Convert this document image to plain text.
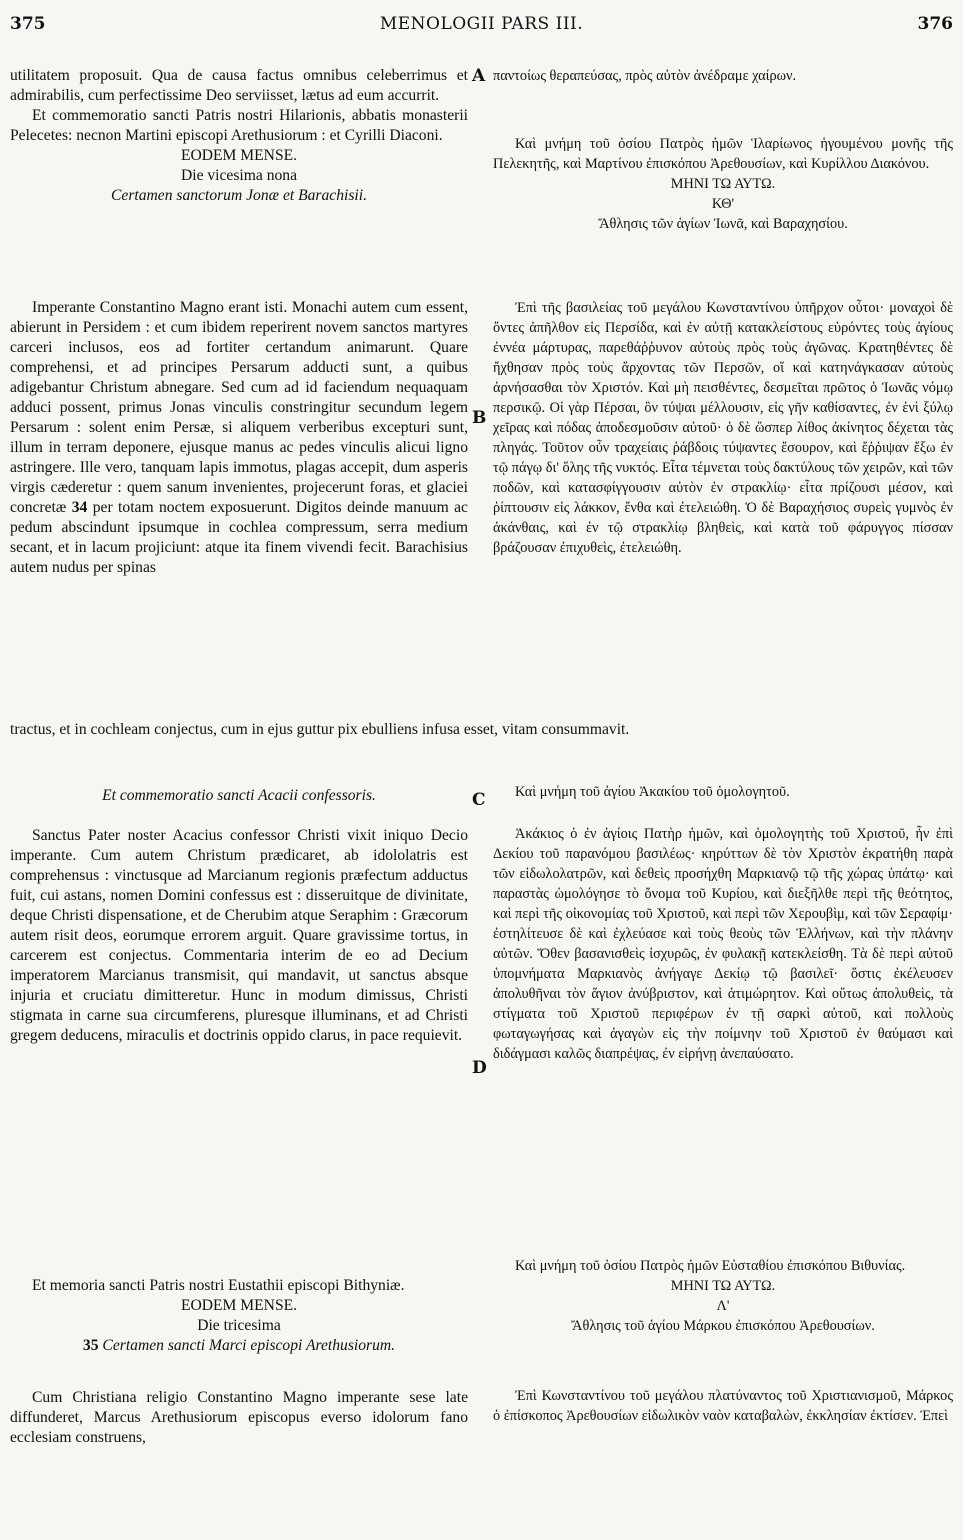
375	MENOLOGII PARS III.	376
A
B
C
D

utilitatem proposuit. Qua de causa factus omnibus celeberrimus et admirabilis, cum perfectissime Deo serviisset, lætus ad eum accurrit.

Et commemoratio sancti Patris nostri Hilarionis, abbatis monasterii Pelecetes: necnon Martini episcopi Arethusiorum : et Cyrilli Diaconi.

EODEM MENSE.

Die vicesima nona

Certamen sanctorum Jonæ et Barachisii.

Imperante Constantino Magno erant isti. Monachi autem cum essent, abierunt in Persidem : et cum ibidem reperirent novem sanctos martyres carceri inclusos, eos ad fortiter certandum animarunt. Quare comprehensi, et ad principes Persarum adducti sunt, a quibus adigebantur Christum abnegare. Sed cum ad id faciendum nequaquam adduci possent, primus Jonas vinculis constringitur secundum legem Persarum : solent enim Persæ, si aliquem verberibus excepturi sunt, illum in terram deponere, ejusque manus ac pedes vinculis alicui ligno astringere. Ille vero, tanquam lapis immotus, plagas accepit, dum asperis virgis cæderetur : quem sanum invenientes, projecerunt foras, et glaciei concretæ 34 per totam noctem exposuerunt. Digitos deinde manuum ac pedum abscindunt ipsumque in cochlea compressum, serra medium secant, et in lacum projiciunt: atque ita finem vivendi fecit. Barachisius autem nudus per spinas

Et commemoratio sancti Acacii confessoris.

Sanctus Pater noster Acacius confessor Christi vixit iniquo Decio imperante. Cum autem Christum prædicaret, ab idololatris est comprehensus : vinctusque ad Marcianum regionis præfectum adductus fuit, cui astans, nomen Domini confessus est : disseruitque de divinitate, deque Christi dispensatione, et de Cherubim atque Seraphim : Græcorum autem risit deos, eorumque errorem arguit. Quare gravissime tortus, in carcerem est conjectus. Commentaria interim de eo ad Decium imperatorem Marcianus transmisit, qui mandavit, ut sanctus absque injuria et cruciatu dimitteretur. Hunc in modum dimissus, Christi stigmata in carne sua circumferens, pluresque illuminans, et ad Christi gregem deducens, miraculis et doctrinis oppido clarus, in pace requievit.

Et memoria sancti Patris nostri Eustathii episcopi Bithyniæ.

EODEM MENSE.

Die tricesima

35 Certamen sancti Marci episcopi Arethusiorum.

Cum Christiana religio Constantino Magno imperante sese late diffunderet, Marcus Arethusiorum episcopus everso idolorum fano ecclesiam construens,

παντοίως θεραπεύσας, πρὸς αὐτὸν ἀνέδραμε χαίρων.

Καὶ μνήμη τοῦ ὁσίου Πατρὸς ἡμῶν Ἱλαρίωνος ἡγουμένου μονῆς τῆς Πελεκητῆς, καὶ Μαρτίνου ἐπισκόπου Ἀρεθουσίων, καὶ Κυρίλλου Διακόνου.

ΜΗΝΙ ΤΩ ΑΥΤΩ.

ΚΘ'

Ἄθλησις τῶν ἁγίων Ἰωνᾶ, καὶ Βαραχησίου.

Ἐπὶ τῆς βασιλείας τοῦ μεγάλου Κωνσταντίνου ὑπῆρχον οὗτοι· μοναχοὶ δὲ ὄντες ἀπῆλθον εἰς Περσίδα, καὶ ἐν αὐτῇ κατακλείστους εὑρόντες τοὺς ἁγίους ἐννέα μάρτυρας, παρεθάῤῥυνον αὐτοὺς πρὸς τοὺς ἀγῶνας. Κρατηθέντες δὲ ἤχθησαν πρὸς τοὺς ἄρχοντας τῶν Περσῶν, οἵ καὶ κατηνάγκασαν αὐτοὺς ἀρνήσασθαι τὸν Χριστόν. Καὶ μὴ πεισθέντες, δεσμεῖται πρῶτος ὁ Ἰωνᾶς νόμῳ περσικῷ. Οἱ γὰρ Πέρσαι, ὃν τύψαι μέλλουσιν, εἰς γῆν καθίσαντες, ἐν ἑνὶ ξύλῳ χεῖρας καὶ πόδας ἀποδεσμοῦσιν αὐτοῦ· ὁ δὲ ὥσπερ λίθος ἀκίνητος δέχεται τὰς πληγάς. Τοῦτον οὖν τραχείαις ῥάβδοις τύψαντες ἔσουρον, καὶ ἔῤῥιψαν ἔξω ἐν τῷ πάγῳ δι' ὅλης τῆς νυκτός. Εἶτα τέμνεται τοὺς δακτύλους τῶν χειρῶν, καὶ τῶν ποδῶν, καὶ κατασφίγγουσιν αὐτὸν ἐν στρακλίῳ· εἶτα πρίζουσι μέσον, καὶ ῥίπτουσιν εἰς λάκκον, ἔνθα καὶ ἐτελειώθη. Ὁ δὲ Βαραχήσιος συρεὶς γυμνὸς ἐν ἀκάνθαις, καὶ ἐν τῷ στρακλίῳ βληθεὶς, καὶ κατὰ τοῦ φάρυγγος πίσσαν βράζουσαν ἐπιχυθεὶς, ἐτελειώθη.

Καὶ μνήμη τοῦ ἁγίου Ἀκακίου τοῦ ὁμολογητοῦ.

Ἀκάκιος ὁ ἐν ἁγίοις Πατὴρ ἡμῶν, καὶ ὁμολογητὴς τοῦ Χριστοῦ, ἦν ἐπὶ Δεκίου τοῦ παρανόμου βασιλέως· κηρύττων δὲ τὸν Χριστὸν ἐκρατήθη παρὰ τῶν εἰδωλολατρῶν, καὶ δεθεὶς προσήχθη Μαρκιανῷ τῷ τῆς χώρας ὑπάτῳ· καὶ παραστὰς ὡμολόγησε τὸ ὄνομα τοῦ Κυρίου, καὶ διεξῆλθε περὶ τῆς θεότητος, καὶ περὶ τῆς οἰκονομίας τοῦ Χριστοῦ, καὶ περὶ τῶν Χερουβὶμ, καὶ τῶν Σεραφίμ· ἐστηλίτευσε δὲ καὶ ἐχλεύασε καὶ τοὺς θεοὺς τῶν Ἑλλήνων, καὶ τὴν πλάνην αὐτῶν. Ὅθεν βασανισθεὶς ἰσχυρῶς, ἐν φυλακῇ κατεκλείσθη. Τὰ δὲ περὶ αὐτοῦ ὑπομνήματα Μαρκιανὸς ἀνήγαγε Δεκίῳ τῷ βασιλεῖ· ὅστις ἐκέλευσεν ἀπολυθῆναι τὸν ἅγιον ἀνύβριστον, καὶ ἀτιμώρητον. Καὶ οὕτως ἀπολυθεὶς, τὰ στίγματα τοῦ Χριστοῦ περιφέρων ἐν τῇ σαρκὶ αὐτοῦ, καὶ πολλοὺς φωταγωγήσας καὶ ἀγαγὼν εἰς τὴν ποίμνην τοῦ Χριστοῦ ἐν θαύμασι καὶ διδάγμασι καλῶς διαπρέψας, ἐν εἰρήνῃ ἀνεπαύσατο.

Καὶ μνήμη τοῦ ὁσίου Πατρὸς ἡμῶν Εὐσταθίου ἐπισκόπου Βιθυνίας.

ΜΗΝΙ ΤΩ ΑΥΤΩ.

Λ'

Ἄθλησις τοῦ ἁγίου Μάρκου ἐπισκόπου Ἀρεθουσίων.

Ἐπὶ Κωνσταντίνου τοῦ μεγάλου πλατύναντος τοῦ Χριστιανισμοῦ, Μάρκος ὁ ἐπίσκοπος Ἀρεθουσίων εἰδωλικὸν ναὸν καταβαλὼν, ἐκκλησίαν ἐκτίσεν. Ἐπεὶ

tractus, et in cochleam conjectus, cum in ejus guttur pix ebulliens infusa esset, vitam consummavit.
